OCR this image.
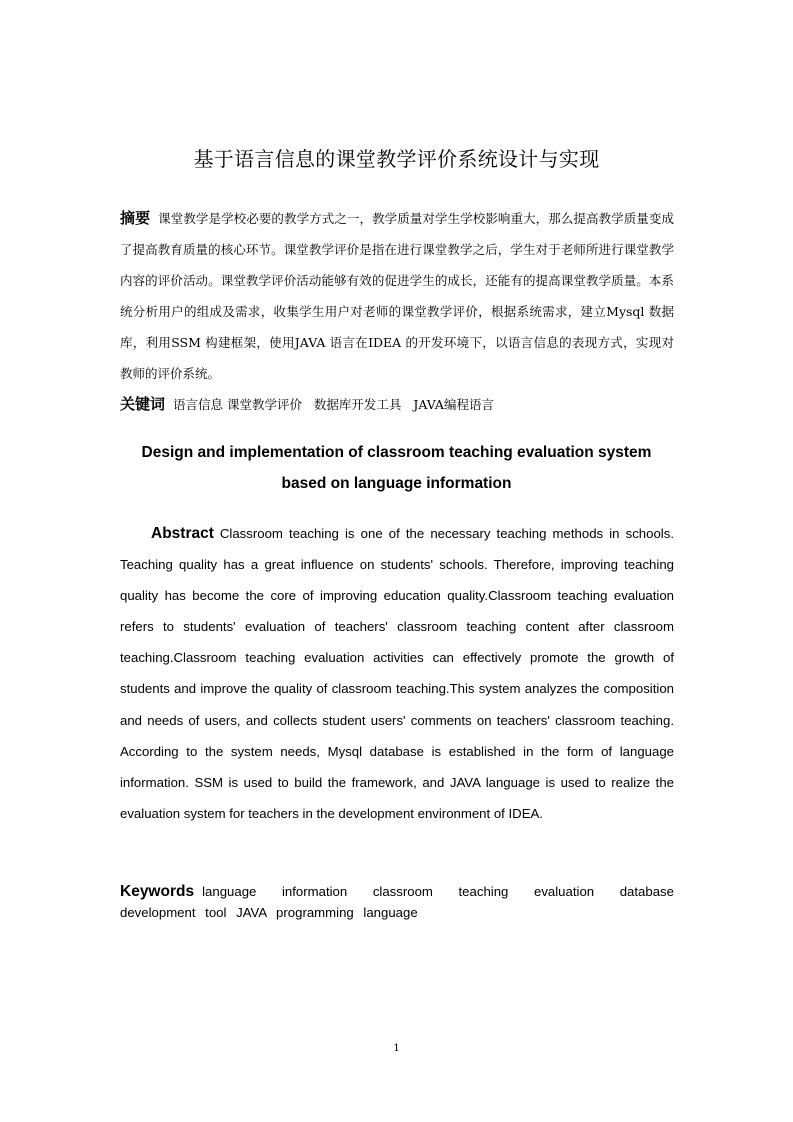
基于语言信息的课堂教学评价系统设计与实现
摘要 课堂教学是学校必要的教学方式之一，教学质量对学生学校影响重大，那么提高教学质量变成了提高教育质量的核心环节。课堂教学评价是指在进行课堂教学之后，学生对于老师所进行课堂教学内容的评价活动。课堂教学评价活动能够有效的促进学生的成长，还能有的提高课堂教学质量。本系统分析用户的组成及需求，收集学生用户对老师的课堂教学评价，根据系统需求，建立Mysql 数据库，利用SSM 构建框架，使用JAVA 语言在IDEA 的开发环境下，以语言信息的表现方式，实现对教师的评价系统。
关键词 语言信息 课堂教学评价   数据库开发工具   JAVA编程语言
Design and implementation of classroom teaching evaluation system
based on language information
Abstract Classroom teaching is one of the necessary teaching methods in schools. Teaching quality has a great influence on students' schools. Therefore, improving teaching quality has become the core of improving education quality.Classroom teaching evaluation refers to students' evaluation of teachers' classroom teaching content after classroom teaching.Classroom teaching evaluation activities can effectively promote the growth of students and improve the quality of classroom teaching.This system analyzes the composition and needs of users, and collects student users' comments on teachers' classroom teaching. According to the system needs, Mysql database is established in the form of language information. SSM is used to build the framework, and JAVA language is used to realize the evaluation system for teachers in the development environment of IDEA.
Keywords language information classroom teaching evaluation database development tool JAVA programming language
1
